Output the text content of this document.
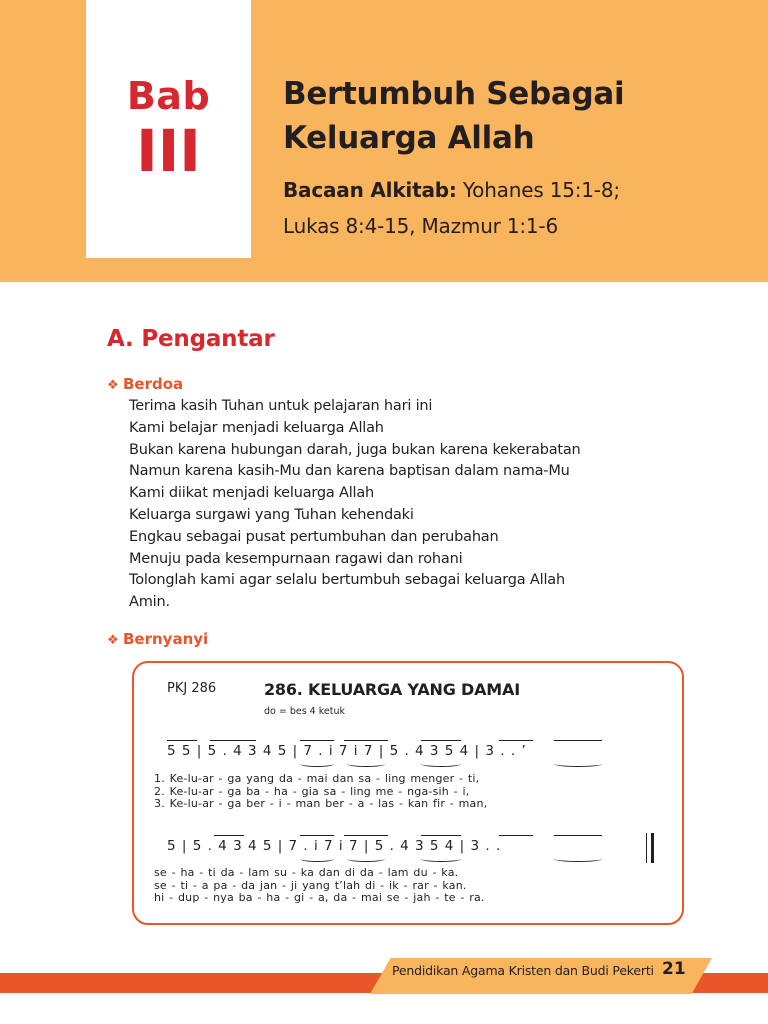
Bab
III
Bertumbuh Sebagai
Keluarga Allah
Bacaan Alkitab: Yohanes 15:1-8;
Lukas 8:4-15, Mazmur 1:1-6
A. Pengantar
❖ Berdoa
Terima kasih Tuhan untuk pelajaran hari ini
Kami belajar menjadi keluarga Allah
Bukan karena hubungan darah, juga bukan karena kekerabatan
Namun karena kasih-Mu dan karena baptisan dalam nama-Mu
Kami diikat menjadi keluarga Allah
Keluarga surgawi yang Tuhan kehendaki
Engkau sebagai pusat pertumbuhan dan perubahan
Menuju pada kesempurnaan ragawi dan rohani
Tolonglah kami agar selalu bertumbuh sebagai keluarga Allah
Amin.
❖ Bernyanyi
PKJ 286	286. KELUARGA YANG DAMAI
do = bes 4 ketuk
5 5 | 5 . 4 3 4 5 | 7 . i 7 i 7 | 5 . 4 3 5 4 | 3 . . ’
1. Ke-lu-ar - ga yang da - mai dan sa - ling menger - ti,
2. Ke-lu-ar - ga ba - ha - gia sa - ling me - nga-sih - i,
3. Ke-lu-ar - ga ber - i - man ber - a - las - kan fir - man,
5 | 5 . 4 3 4 5 | 7 . i 7 i 7 | 5 . 4 3 5 4 | 3 . .
se - ha - ti da - lam su - ka dan di da - lam du - ka.
se - ti - a pa - da jan - ji yang t’lah di - ik - rar - kan.
hi - dup - nya ba - ha - gi - a, da - mai se - jah - te - ra.
Pendidikan Agama Kristen dan Budi Pekerti 21
